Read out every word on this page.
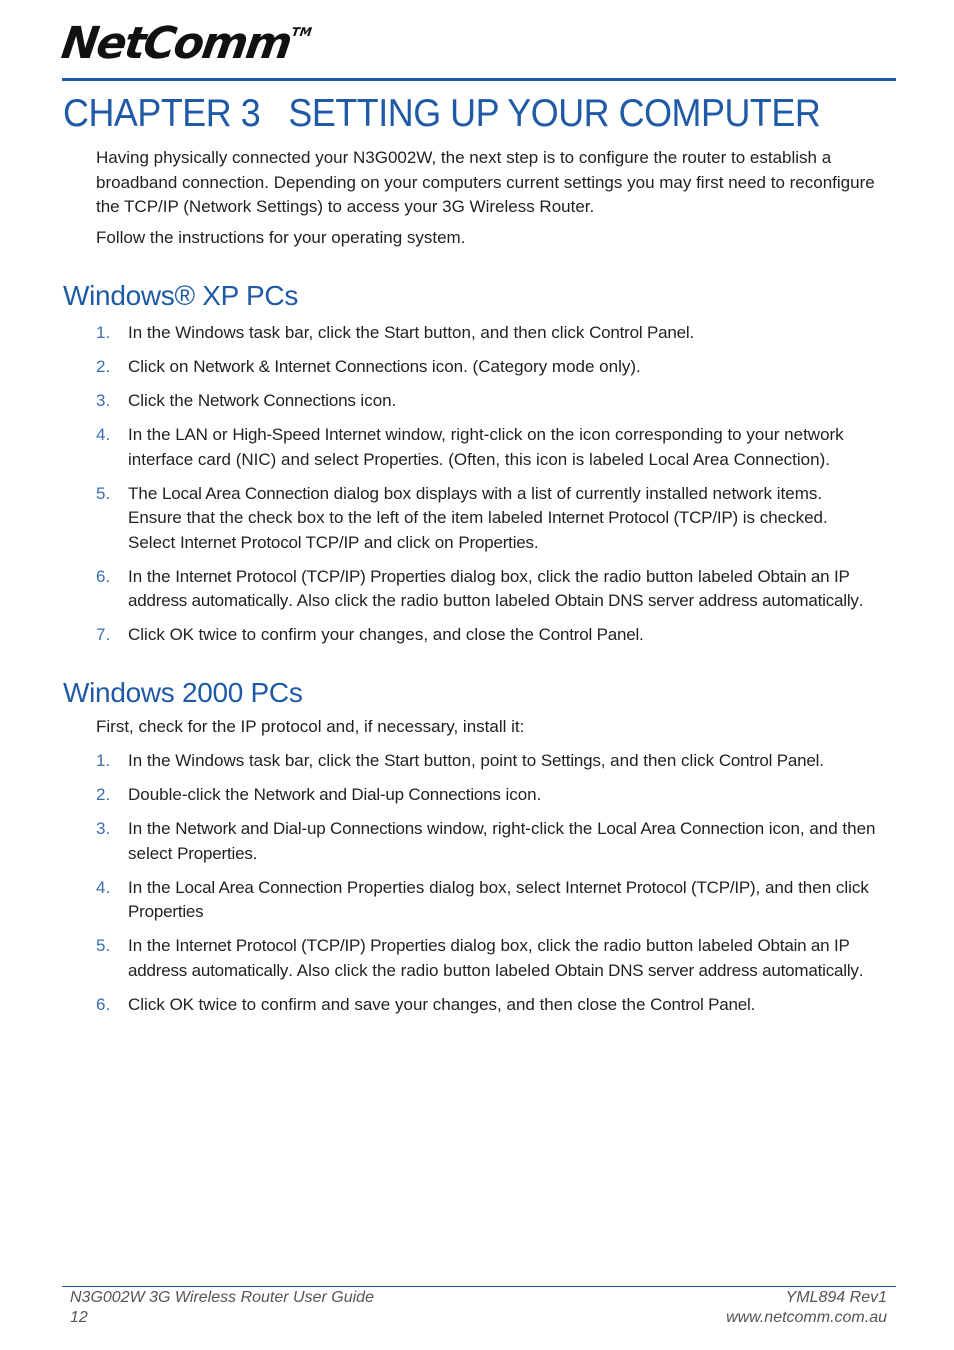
NetComm™
CHAPTER 3 SETTING UP YOUR COMPUTER

Having physically connected your N3G002W, the next step is to configure the router to establish a broadband connection. Depending on your computers current settings you may first need to reconfigure the TCP/IP (Network Settings) to access your 3G Wireless Router.

Follow the instructions for your operating system.

Windows® XP PCs
1. In the Windows task bar, click the Start button, and then click Control Panel.
2. Click on Network & Internet Connections icon. (Category mode only).
3. Click the Network Connections icon.
4. In the LAN or High-Speed Internet window, right-click on the icon corresponding to your network interface card (NIC) and select Properties. (Often, this icon is labeled Local Area Connection).
5. The Local Area Connection dialog box displays with a list of currently installed network items. Ensure that the check box to the left of the item labeled Internet Protocol (TCP/IP) is checked. Select Internet Protocol TCP/IP and click on Properties.
6. In the Internet Protocol (TCP/IP) Properties dialog box, click the radio button labeled Obtain an IP address automatically. Also click the radio button labeled Obtain DNS server address automatically.
7. Click OK twice to confirm your changes, and close the Control Panel.
Windows 2000 PCs

First, check for the IP protocol and, if necessary, install it:

1. In the Windows task bar, click the Start button, point to Settings, and then click Control Panel.
2. Double-click the Network and Dial-up Connections icon.
3. In the Network and Dial-up Connections window, right-click the Local Area Connection icon, and then select Properties.
4. In the Local Area Connection Properties dialog box, select Internet Protocol (TCP/IP), and then click Properties
5. In the Internet Protocol (TCP/IP) Properties dialog box, click the radio button labeled Obtain an IP address automatically. Also click the radio button labeled Obtain DNS server address automatically.
6. Click OK twice to confirm and save your changes, and then close the Control Panel.
N3G002W 3G Wireless Router User Guide
12
YML894 Rev1
www.netcomm.com.au
